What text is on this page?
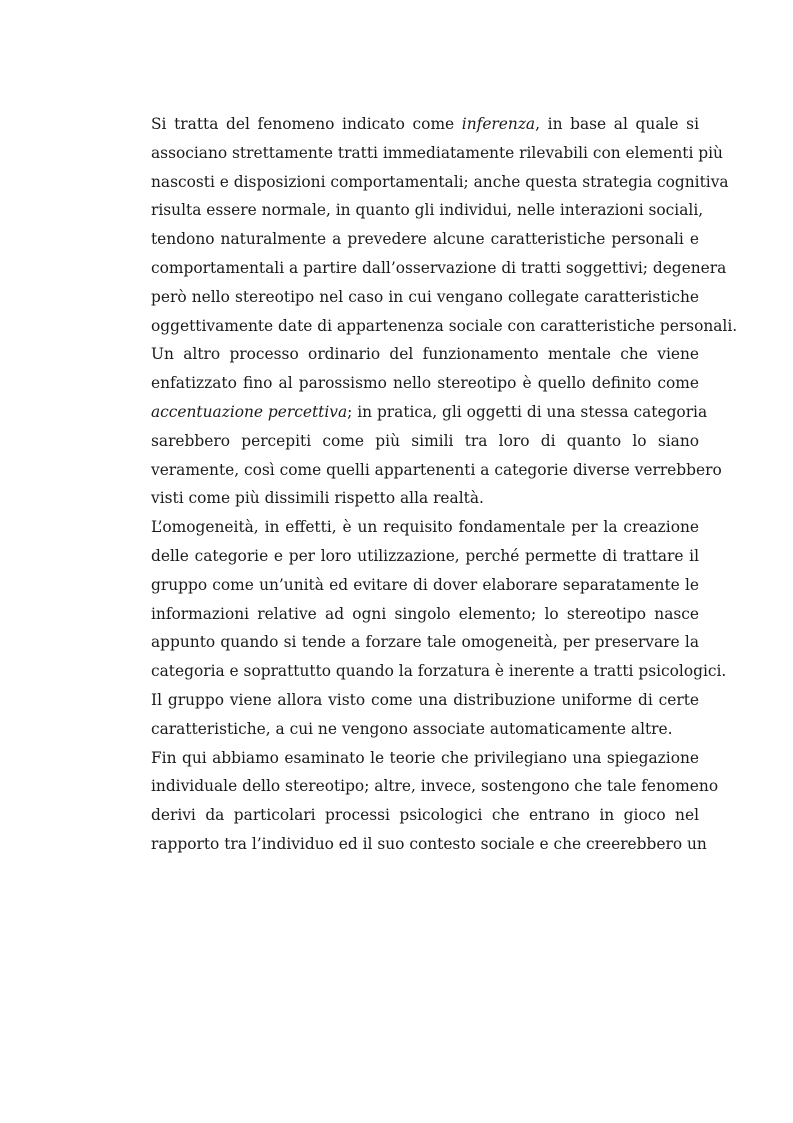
Si tratta del fenomeno indicato come inferenza, in base al quale si
associano strettamente tratti immediatamente rilevabili con elementi più
nascosti e disposizioni comportamentali; anche questa strategia cognitiva
risulta essere normale, in quanto gli individui, nelle interazioni sociali,
tendono naturalmente a prevedere alcune caratteristiche personali e
comportamentali a partire dall’osservazione di tratti soggettivi; degenera
però nello stereotipo nel caso in cui vengano collegate caratteristiche
oggettivamente date di appartenenza sociale con caratteristiche personali.
Un altro processo ordinario del funzionamento mentale che viene
enfatizzato fino al parossismo nello stereotipo è quello definito come
accentuazione percettiva; in pratica, gli oggetti di una stessa categoria
sarebbero percepiti come più simili tra loro di quanto lo siano
veramente, così come quelli appartenenti a categorie diverse verrebbero
visti come più dissimili rispetto alla realtà.
L’omogeneità, in effetti, è un requisito fondamentale per la creazione
delle categorie e per loro utilizzazione, perché permette di trattare il
gruppo come un’unità ed evitare di dover elaborare separatamente le
informazioni relative ad ogni singolo elemento; lo stereotipo nasce
appunto quando si tende a forzare tale omogeneità, per preservare la
categoria e soprattutto quando la forzatura è inerente a tratti psicologici.
Il gruppo viene allora visto come una distribuzione uniforme di certe
caratteristiche, a cui ne vengono associate automaticamente altre.
Fin qui abbiamo esaminato le teorie che privilegiano una spiegazione
individuale dello stereotipo; altre, invece, sostengono che tale fenomeno
derivi da particolari processi psicologici che entrano in gioco nel
rapporto tra l’individuo ed il suo contesto sociale e che creerebbero un
